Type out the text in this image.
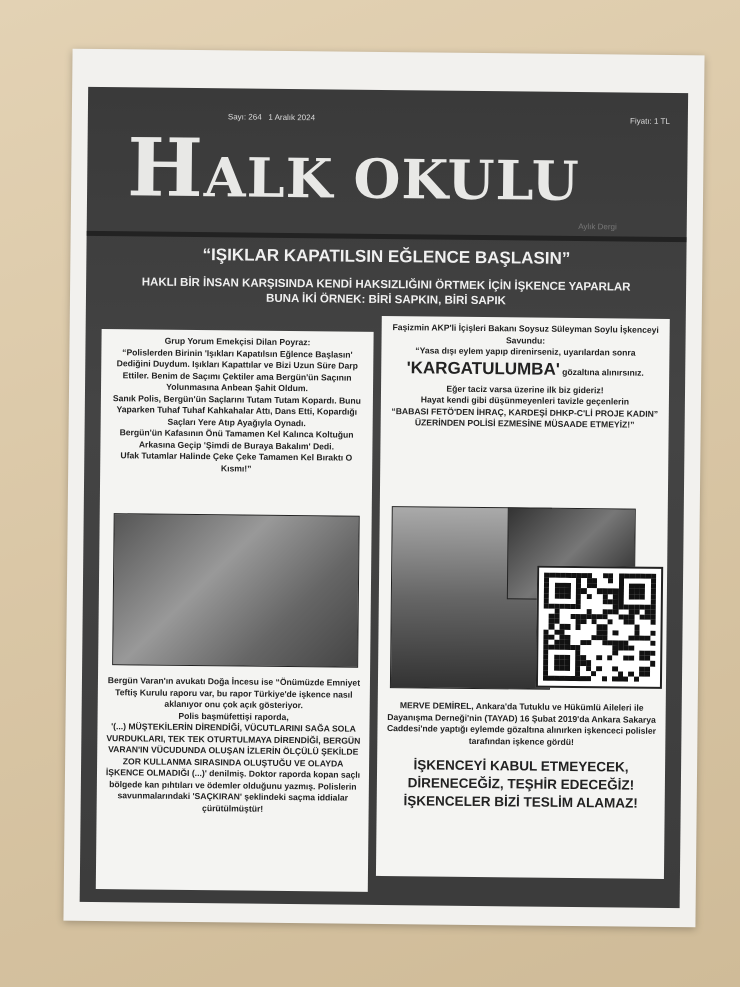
Sayı: 264 1 Aralık 2024	Fiyatı: 1 TL
HALK OKULU
Aylık Dergi
“IŞIKLAR KAPATILSIN EĞLENCE BAŞLASIN”
HAKLI BİR İNSAN KARŞISINDA KENDİ HAKSIZLIĞINI ÖRTMEK İÇİN İŞKENCE YAPARLAR
BUNA İKİ ÖRNEK: BİRİ SAPKIN, BİRİ SAPIK

Grup Yorum Emekçisi Dilan Poyraz:

“Polislerden Birinin 'Işıkları Kapatılsın Eğlence Başlasın' Dediğini Duydum. Işıkları Kapattılar ve Bizi Uzun Süre Darp Ettiler. Benim de Saçımı Çektiler ama Bergün'ün Saçının Yolunmasına Anbean Şahit Oldum.

Sanık Polis, Bergün'ün Saçlarını Tutam Tutam Kopardı. Bunu Yaparken Tuhaf Tuhaf Kahkahalar Attı, Dans Etti, Kopardığı Saçları Yere Atıp Ayağıyla Oynadı.

Bergün'ün Kafasının Önü Tamamen Kel Kalınca Koltuğun Arkasına Geçip 'Şimdi de Buraya Bakalım' Dedi.

Ufak Tutamlar Halinde Çeke Çeke Tamamen Kel Bıraktı O Kısmı!”

Bergün Varan'ın avukatı Doğa İncesu ise “Önümüzde Emniyet Teftiş Kurulu raporu var, bu rapor Türkiye'de işkence nasıl aklanıyor onu çok açık gösteriyor.

Polis başmüfettişi raporda,

'(...) MÜŞTEKİLERİN DİRENDİĞİ, VÜCUTLARINI SAĞA SOLA VURDUKLARI, TEK TEK OTURTULMAYA DİRENDİĞİ, BERGÜN VARAN'IN VÜCUDUNDA OLUŞAN İZLERİN ÖLÇÜLÜ ŞEKİLDE ZOR KULLANMA SIRASINDA OLUŞTUĞU VE OLAYDA İŞKENCE OLMADIĞI (...)' denilmiş. Doktor raporda kopan saçlı bölgede kan pıhtıları ve ödemler olduğunu yazmış. Polislerin savunmalarındaki 'SAÇKIRAN' şeklindeki saçma iddialar çürütülmüştür!

Faşizmin AKP'li İçişleri Bakanı Soysuz Süleyman Soylu İşkenceyi Savundu:

“Yasa dışı eylem yapıp direnirseniz, uyarılardan sonra

'KARGATULUMBA' gözaltına alınırsınız.

Eğer taciz varsa üzerine ilk biz gideriz!

Hayat kendi gibi düşünmeyenleri tavizle geçenlerin

“BABASI FETÖ'DEN İHRAÇ, KARDEŞİ DHKP-C'Lİ PROJE KADIN” ÜZERİNDEN POLİSİ EZMESİNE MÜSAADE ETMEYİZ!”

MERVE DEMİREL, Ankara'da Tutuklu ve Hükümlü Aileleri ile Dayanışma Derneği'nin (TAYAD) 16 Şubat 2019'da Ankara Sakarya Caddesi'nde yaptığı eylemde gözaltına alınırken işkenceci polisler tarafından işkence gördü!

İŞKENCEYİ KABUL ETMEYECEK,
DİRENECEĞİZ, TEŞHİR EDECEĞİZ!
İŞKENCELER BİZİ TESLİM ALAMAZ!
